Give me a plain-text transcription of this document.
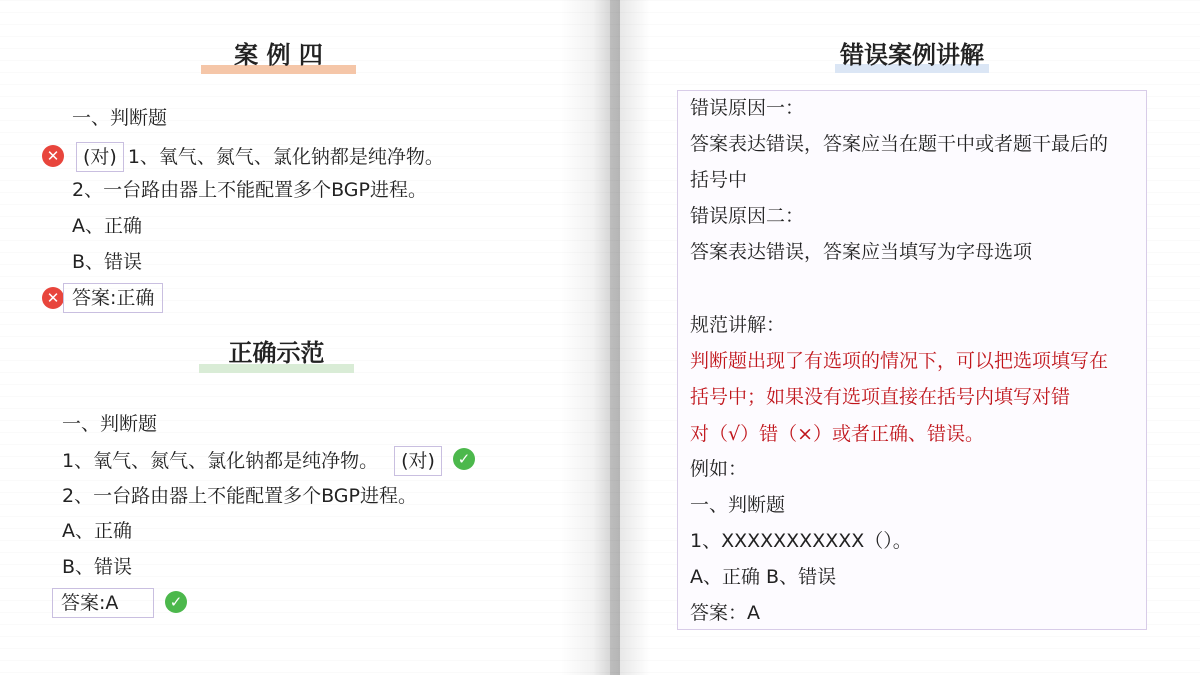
案 例 四
一、判断题
✕	(对) 1、氧气、氮气、氯化钠都是纯净物。
2、一台路由器上不能配置多个BGP进程。
A、正确
B、错误
✕ 答案:正确
正确示范
一、判断题
1、氧气、氮气、氯化钠都是纯净物。 (对)	✓
2、一台路由器上不能配置多个BGP进程。
A、正确
B、错误
答案:A	✓
错误案例讲解
错误原因一：
答案表达错误，答案应当在题干中或者题干最后的
括号中
错误原因二：
答案表达错误，答案应当填写为字母选项
规范讲解：
判断题出现了有选项的情况下，可以把选项填写在
括号中；如果没有选项直接在括号内填写对错
对（√）错（×）或者正确、错误。
例如：
一、判断题
1、XXXXXXXXXXX（）。
A、正确 B、错误
答案：A
